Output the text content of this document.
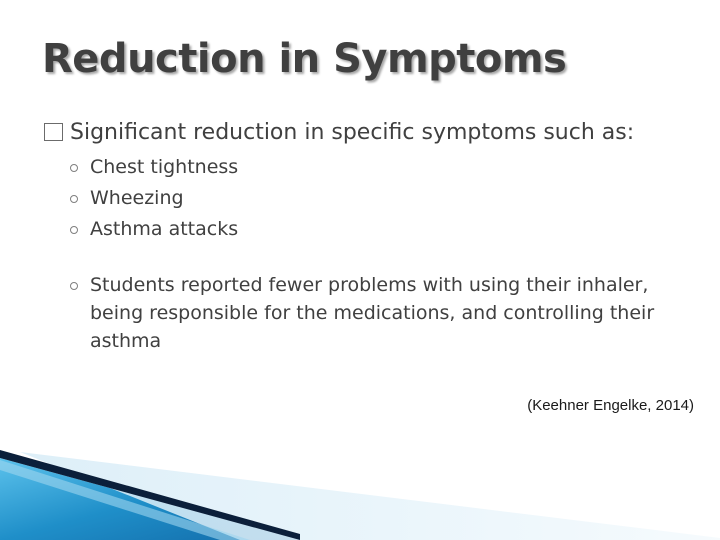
Reduction in Symptoms
Significant reduction in specific symptoms such as:
Chest tightness
Wheezing
Asthma attacks
Students reported fewer problems with using their inhaler, being responsible for the medications, and controlling their asthma
(Keehner Engelke, 2014)
